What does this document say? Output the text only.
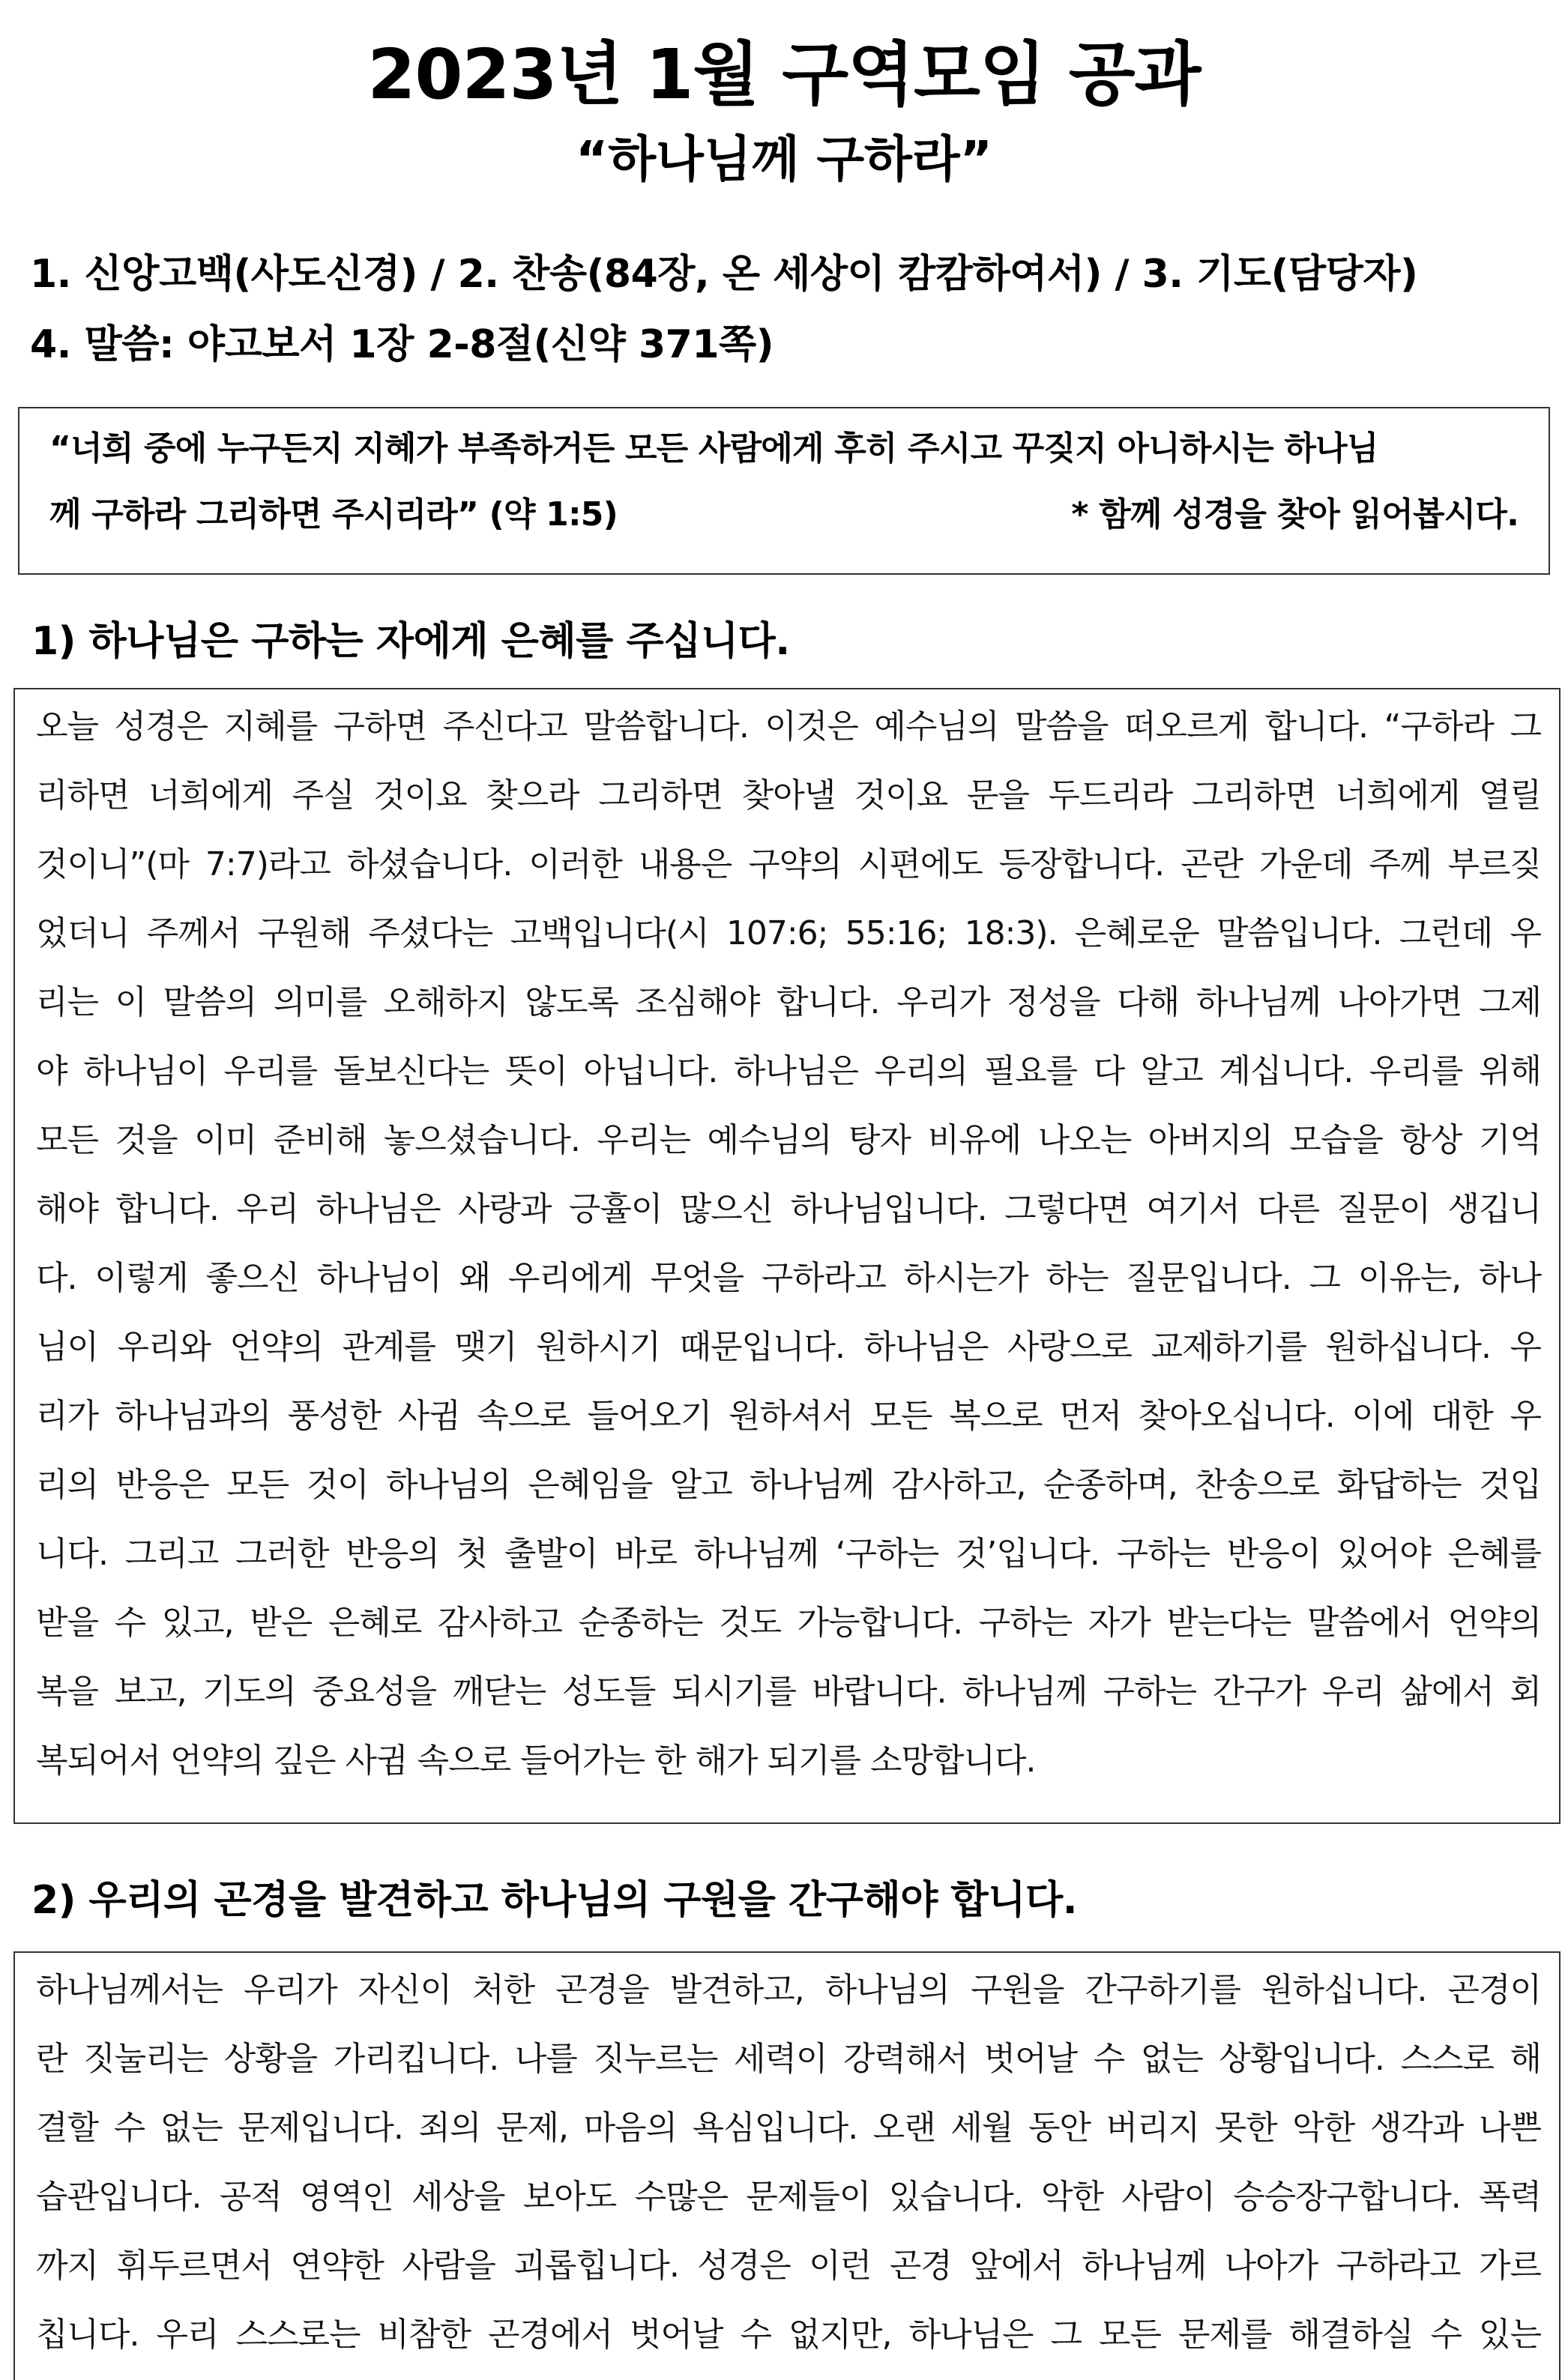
2023년 1월 구역모임 공과
“하나님께 구하라”
1. 신앙고백(사도신경) / 2. 찬송(84장, 온 세상이 캄캄하여서) / 3. 기도(담당자)
4. 말씀: 야고보서 1장 2-8절(신약 371쪽)
“너희 중에 누구든지 지혜가 부족하거든 모든 사람에게 후히 주시고 꾸짖지 아니하시는 하나님
께 구하라 그리하면 주시리라” (약 1:5)	* 함께 성경을 찾아 읽어봅시다.
1) 하나님은 구하는 자에게 은혜를 주십니다.
오늘 성경은 지혜를 구하면 주신다고 말씀합니다. 이것은 예수님의 말씀을 떠오르게 합니다. “구하라 그
리하면 너희에게 주실 것이요 찾으라 그리하면 찾아낼 것이요 문을 두드리라 그리하면 너희에게 열릴
것이니”(마 7:7)라고 하셨습니다. 이러한 내용은 구약의 시편에도 등장합니다. 곤란 가운데 주께 부르짖
었더니 주께서 구원해 주셨다는 고백입니다(시 107:6; 55:16; 18:3). 은혜로운 말씀입니다. 그런데 우
리는 이 말씀의 의미를 오해하지 않도록 조심해야 합니다. 우리가 정성을 다해 하나님께 나아가면 그제
야 하나님이 우리를 돌보신다는 뜻이 아닙니다. 하나님은 우리의 필요를 다 알고 계십니다. 우리를 위해
모든 것을 이미 준비해 놓으셨습니다. 우리는 예수님의 탕자 비유에 나오는 아버지의 모습을 항상 기억
해야 합니다. 우리 하나님은 사랑과 긍휼이 많으신 하나님입니다. 그렇다면 여기서 다른 질문이 생깁니
다. 이렇게 좋으신 하나님이 왜 우리에게 무엇을 구하라고 하시는가 하는 질문입니다. 그 이유는, 하나
님이 우리와 언약의 관계를 맺기 원하시기 때문입니다. 하나님은 사랑으로 교제하기를 원하십니다. 우
리가 하나님과의 풍성한 사귐 속으로 들어오기 원하셔서 모든 복으로 먼저 찾아오십니다. 이에 대한 우
리의 반응은 모든 것이 하나님의 은혜임을 알고 하나님께 감사하고, 순종하며, 찬송으로 화답하는 것입
니다. 그리고 그러한 반응의 첫 출발이 바로 하나님께 ‘구하는 것’입니다. 구하는 반응이 있어야 은혜를
받을 수 있고, 받은 은혜로 감사하고 순종하는 것도 가능합니다. 구하는 자가 받는다는 말씀에서 언약의
복을 보고, 기도의 중요성을 깨닫는 성도들 되시기를 바랍니다. 하나님께 구하는 간구가 우리 삶에서 회
복되어서 언약의 깊은 사귐 속으로 들어가는 한 해가 되기를 소망합니다.
2) 우리의 곤경을 발견하고 하나님의 구원을 간구해야 합니다.
하나님께서는 우리가 자신이 처한 곤경을 발견하고, 하나님의 구원을 간구하기를 원하십니다. 곤경이
란 짓눌리는 상황을 가리킵니다. 나를 짓누르는 세력이 강력해서 벗어날 수 없는 상황입니다. 스스로 해
결할 수 없는 문제입니다. 죄의 문제, 마음의 욕심입니다. 오랜 세월 동안 버리지 못한 악한 생각과 나쁜
습관입니다. 공적 영역인 세상을 보아도 수많은 문제들이 있습니다. 악한 사람이 승승장구합니다. 폭력
까지 휘두르면서 연약한 사람을 괴롭힙니다. 성경은 이런 곤경 앞에서 하나님께 나아가 구하라고 가르
칩니다. 우리 스스로는 비참한 곤경에서 벗어날 수 없지만, 하나님은 그 모든 문제를 해결하실 수 있는
